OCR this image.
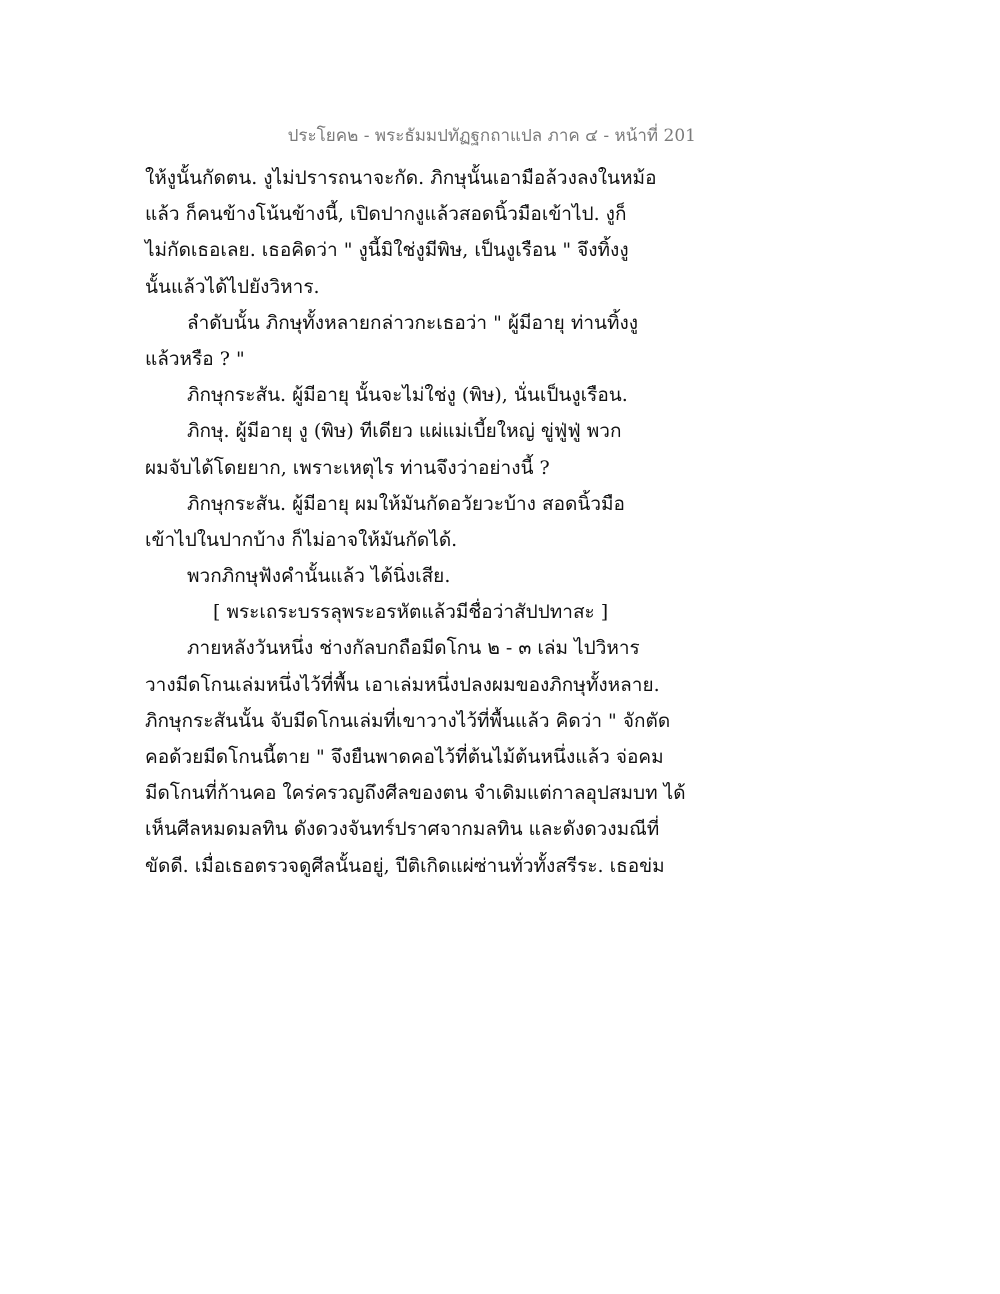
ประโยค๒ - พระธัมมปทัฏฐกถาแปล ภาค ๔ - หน้าที่ 201
ให้งูนั้นกัดตน. งูไม่ปรารถนาจะกัด. ภิกษุนั้นเอามือล้วงลงในหม้อ
แล้ว ก็คนข้างโน้นข้างนี้, เปิดปากงูแล้วสอดนิ้วมือเข้าไป. งูก็
ไม่กัดเธอเลย. เธอคิดว่า " งูนี้มิใช่งูมีพิษ, เป็นงูเรือน " จึงทิ้งงู
นั้นแล้วได้ไปยังวิหาร.
ลำดับนั้น ภิกษุทั้งหลายกล่าวกะเธอว่า " ผู้มีอายุ ท่านทิ้งงู
แล้วหรือ ? "
ภิกษุกระสัน. ผู้มีอายุ นั้นจะไม่ใช่งู (พิษ), นั่นเป็นงูเรือน.
ภิกษุ. ผู้มีอายุ งู (พิษ) ทีเดียว แผ่แม่เบี้ยใหญ่ ขู่ฟู่ฟู่ พวก
ผมจับได้โดยยาก, เพราะเหตุไร ท่านจึงว่าอย่างนี้ ?
ภิกษุกระสัน. ผู้มีอายุ ผมให้มันกัดอวัยวะบ้าง สอดนิ้วมือ
เข้าไปในปากบ้าง ก็ไม่อาจให้มันกัดได้.
พวกภิกษุฟังคำนั้นแล้ว ได้นิ่งเสีย.
[ พระเถระบรรลุพระอรหัตแล้วมีชื่อว่าสัปปทาสะ ]
ภายหลังวันหนึ่ง ช่างกัลบกถือมีดโกน ๒ - ๓ เล่ม ไปวิหาร
วางมีดโกนเล่มหนึ่งไว้ที่พื้น เอาเล่มหนึ่งปลงผมของภิกษุทั้งหลาย.
ภิกษุกระสันนั้น จับมีดโกนเล่มที่เขาวางไว้ที่พื้นแล้ว คิดว่า " จักตัด
คอด้วยมีดโกนนี้ตาย " จึงยืนพาดคอไว้ที่ต้นไม้ต้นหนึ่งแล้ว จ่อคม
มีดโกนที่ก้านคอ ใคร่ครวญถึงศีลของตน จำเดิมแต่กาลอุปสมบท ได้
เห็นศีลหมดมลทิน ดังดวงจันทร์ปราศจากมลทิน และดังดวงมณีที่
ขัดดี. เมื่อเธอตรวจดูศีลนั้นอยู่, ปีติเกิดแผ่ซ่านทั่วทั้งสรีระ. เธอข่ม
